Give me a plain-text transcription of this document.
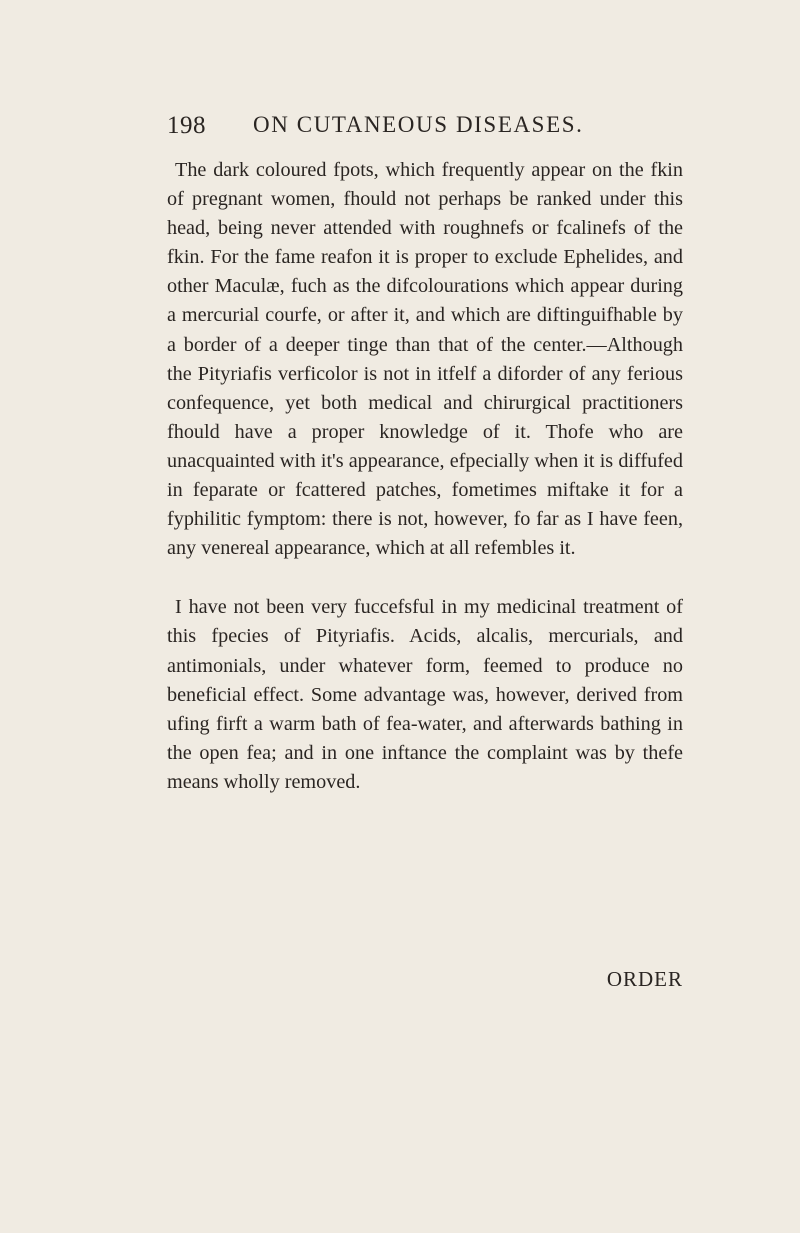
198 ON CUTANEOUS DISEASES.

The dark coloured fpots, which frequently appear on the fkin of pregnant women, fhould not perhaps be ranked under this head, being never attended with roughnefs or fcalinefs of the fkin. For the fame reafon it is proper to exclude Ephelides, and other Maculæ, fuch as the difcolourations which appear during a mercurial courfe, or after it, and which are diftinguifhable by a border of a deeper tinge than that of the center.—Although the Pityriafis verficolor is not in itfelf a diforder of any ferious confequence, yet both medical and chirurgical practitioners fhould have a proper knowledge of it. Thofe who are unacquainted with it's appearance, efpecially when it is diffufed in feparate or fcattered patches, fometimes miftake it for a fyphilitic fymptom: there is not, however, fo far as I have feen, any venereal appearance, which at all refembles it.

I have not been very fuccefsful in my medicinal treatment of this fpecies of Pityriafis. Acids, alcalis, mercurials, and antimonials, under whatever form, feemed to produce no beneficial effect. Some advantage was, however, derived from ufing firft a warm bath of fea-water, and afterwards bathing in the open fea; and in one inftance the complaint was by thefe means wholly removed.

ORDER
